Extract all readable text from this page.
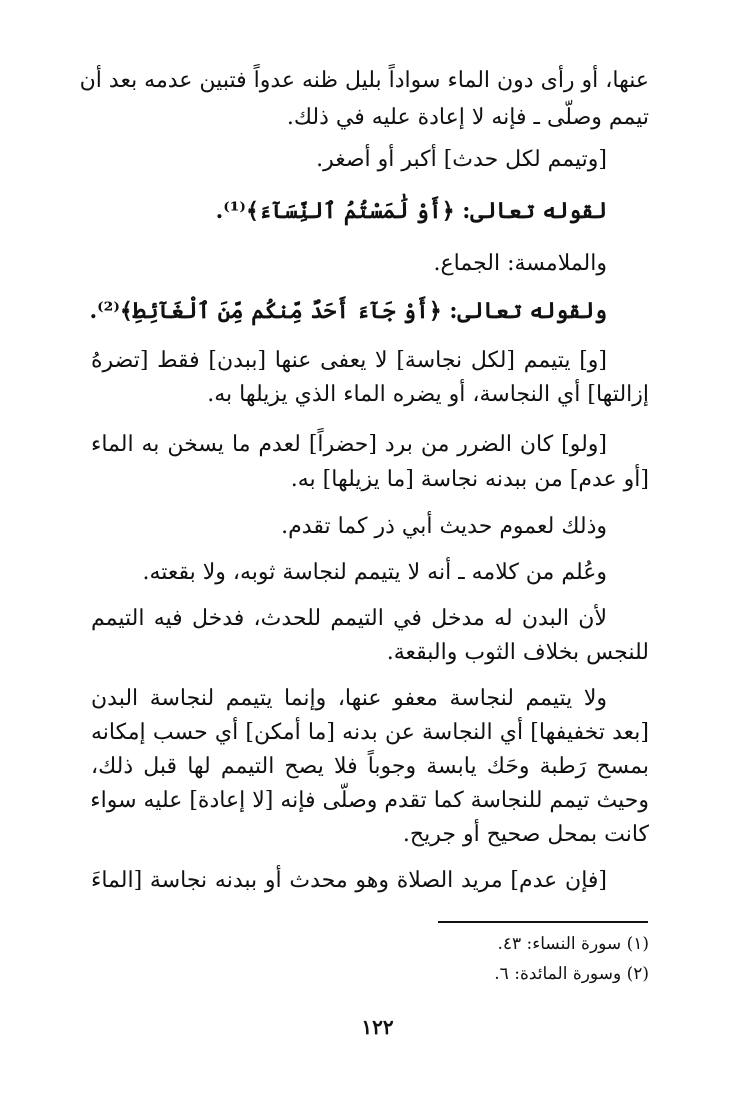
عنها، أو رأى دون الماء سواداً بليل ظنه عدواً فتبين عدمه بعد أن
تيمم وصلّى ـ فإنه لا إعادة عليه في ذلك.
[وتيمم لكل حدث] أكبر أو أصغر.
لقوله تعالى: ﴿أَوْ لَٰمَسْتُمُ ٱلنِّسَآءَ﴾⁽¹⁾.
والملامسة: الجماع.
ولقوله تعالى: ﴿أَوْ جَآءَ أَحَدٌ مِّنكُم مِّنَ ٱلْغَآئِطِ﴾⁽²⁾.
[و] يتيمم [لكل نجاسة] لا يعفى عنها [ببدن] فقط [تضرهُ
إزالتها] أي النجاسة، أو يضره الماء الذي يزيلها به.
[ولو] كان الضرر من برد [حضراً] لعدم ما يسخن به الماء
[أو عدم] من ببدنه نجاسة [ما يزيلها] به.
وذلك لعموم حديث أبي ذر كما تقدم.
وعُلم من كلامه ـ أنه لا يتيمم لنجاسة ثوبه، ولا بقعته.
لأن البدن له مدخل في التيمم للحدث، فدخل فيه التيمم
للنجس بخلاف الثوب والبقعة.
ولا يتيمم لنجاسة معفو عنها، وإنما يتيمم لنجاسة البدن
[بعد تخفيفها] أي النجاسة عن بدنه [ما أمكن] أي حسب إمكانه
بمسح رَطبة وحَك يابسة وجوباً فلا يصح التيمم لها قبل ذلك،
وحيث تيمم للنجاسة كما تقدم وصلّى فإنه [لا إعادة] عليه سواء
كانت بمحل صحيح أو جريح.
[فإن عدم] مريد الصلاة وهو محدث أو ببدنه نجاسة [الماءَ
(١) سورة النساء: ٤٣.
(٢) وسورة المائدة: ٦.
١٢٢
